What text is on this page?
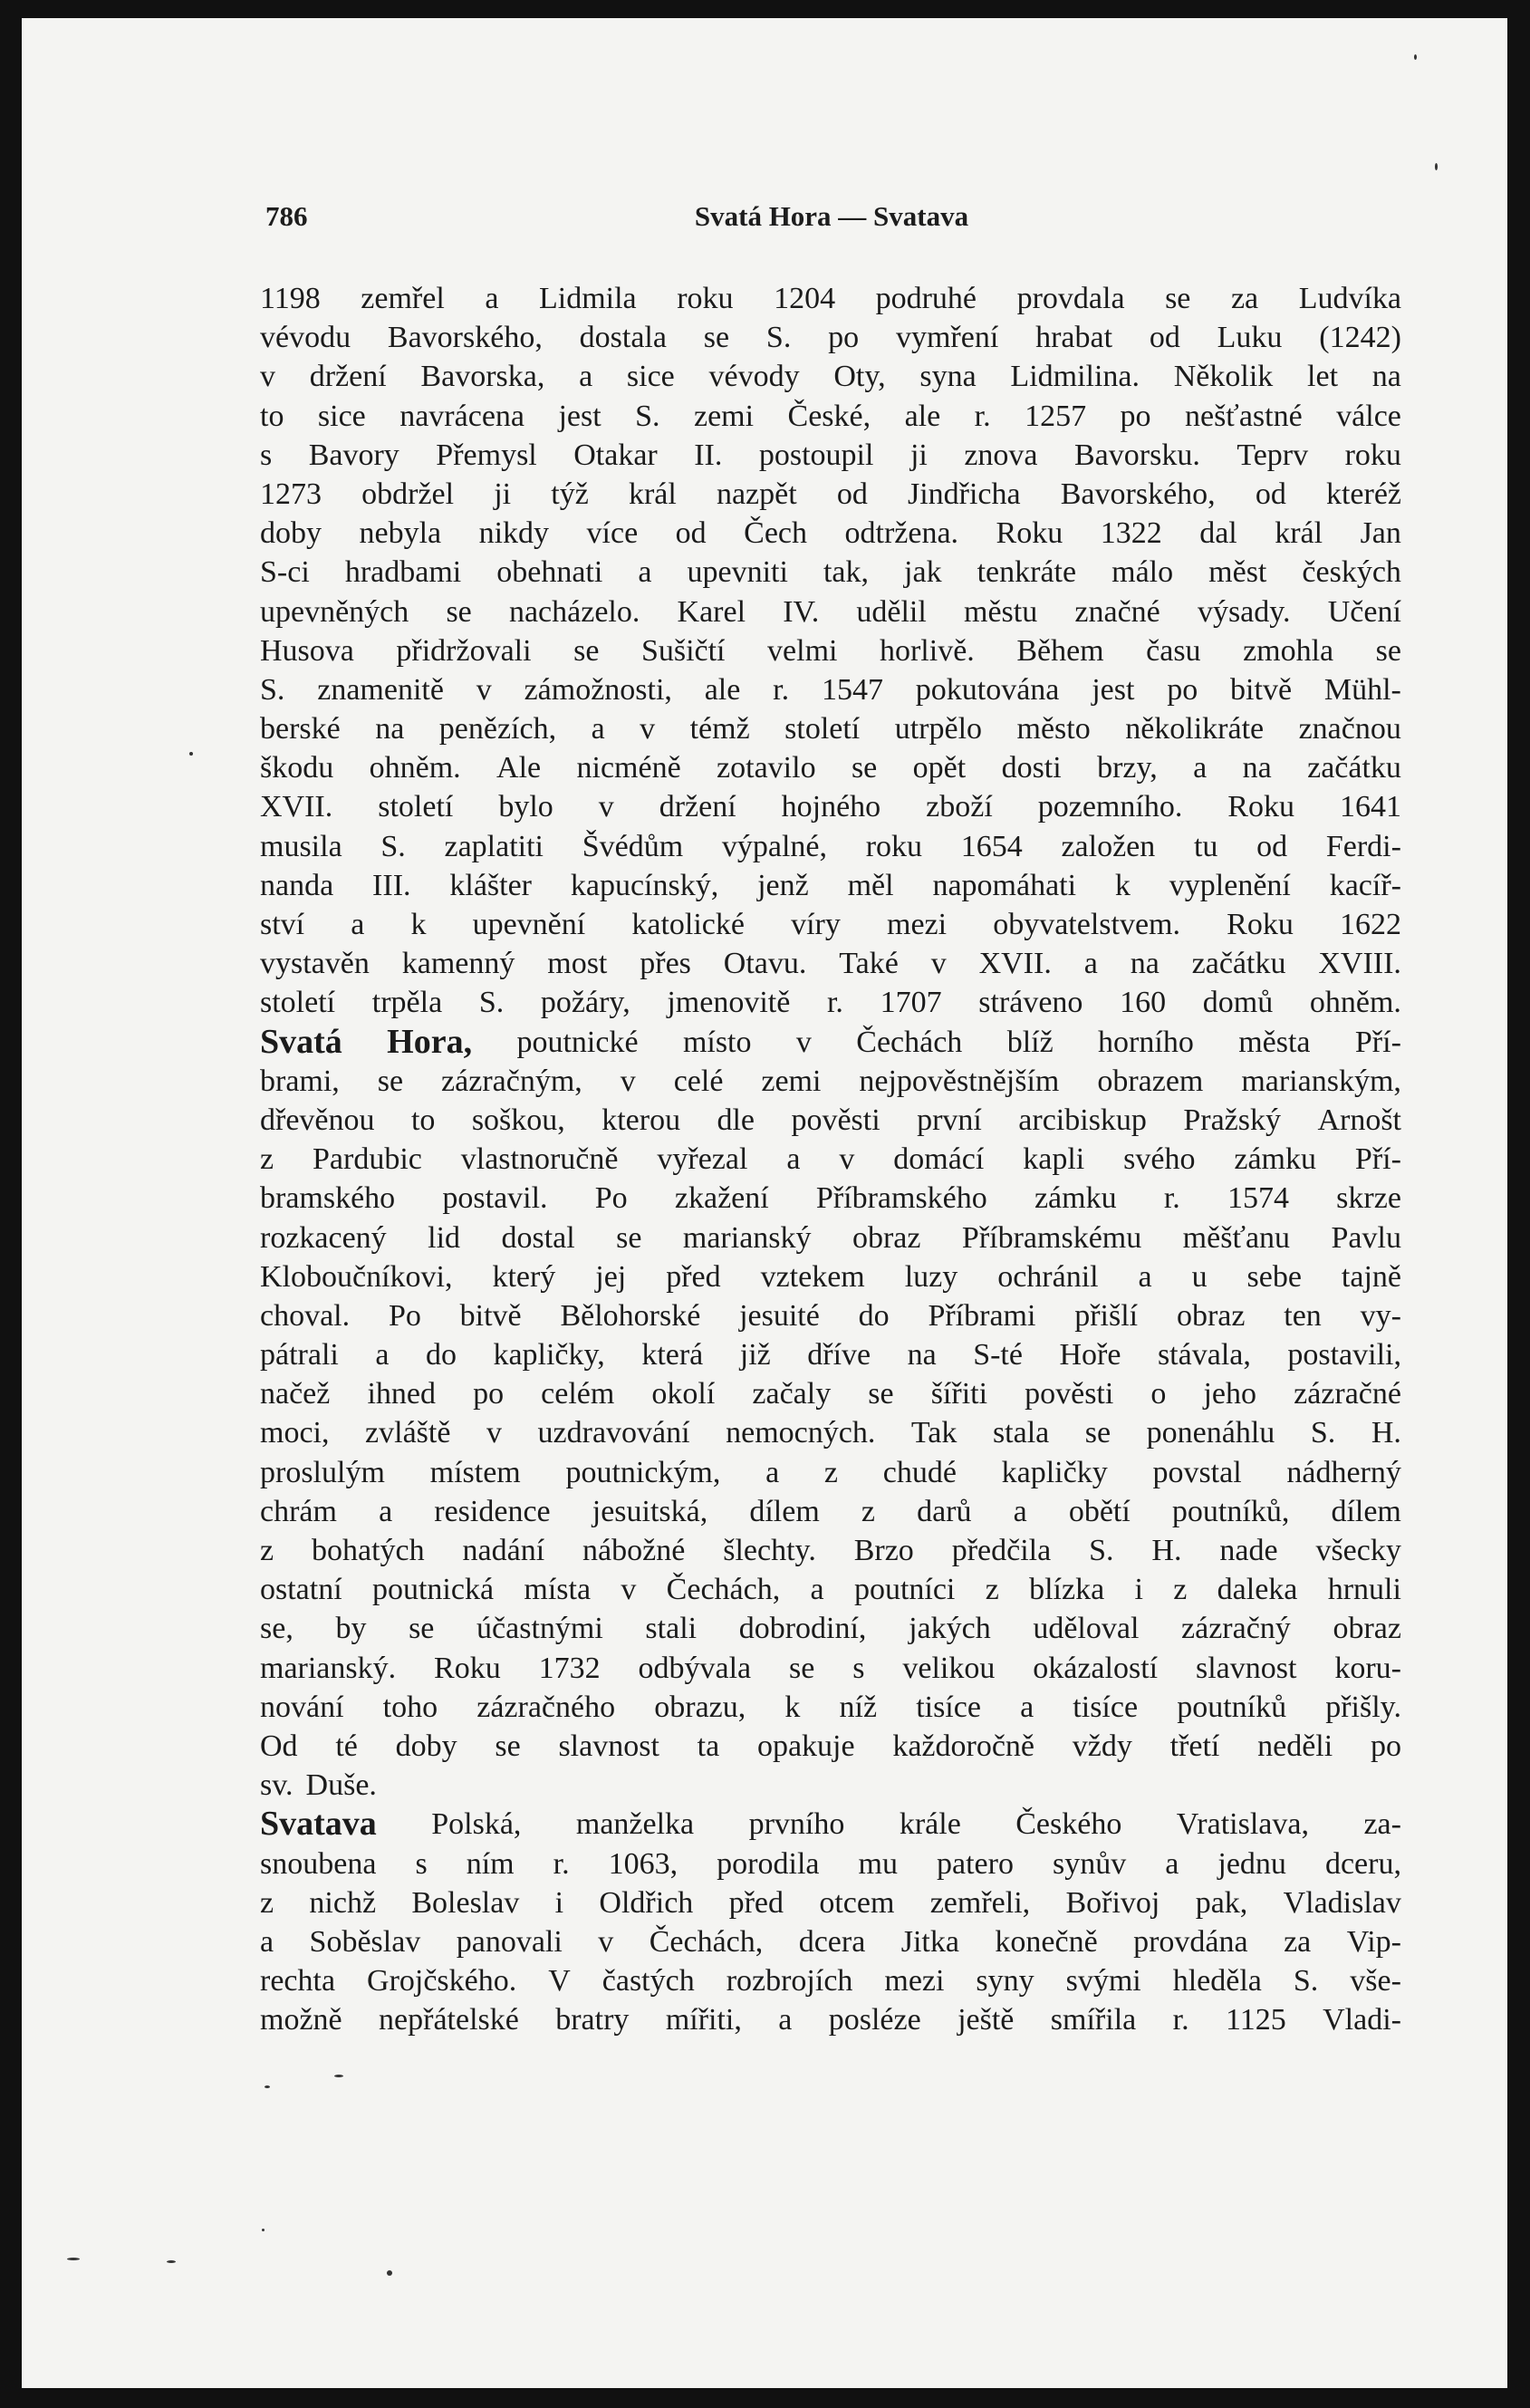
786	Svatá Hora — Svatava
1198 zemřel a Lidmila roku 1204 podruhé provdala se za Ludvíka
vévodu Bavorského, dostala se S. po vymření hrabat od Luku (1242)
v držení Bavorska, a sice vévody Oty, syna Lidmilina. Několik let na
to sice navrácena jest S. zemi České, ale r. 1257 po nešťastné válce
s Bavory Přemysl Otakar II. postoupil ji znova Bavorsku. Teprv roku
1273 obdržel ji týž král nazpět od Jindřicha Bavorského, od kteréž
doby nebyla nikdy více od Čech odtržena. Roku 1322 dal král Jan
S-ci hradbami obehnati a upevniti tak, jak tenkráte málo měst českých
upevněných se nacházelo. Karel IV. udělil městu značné výsady. Učení
Husova přidržovali se Sušičtí velmi horlivě. Během času zmohla se
S. znamenitě v zámožnosti, ale r. 1547 pokutována jest po bitvě Mühl-
berské na penězích, a v témž století utrpělo město několikráte značnou
škodu ohněm. Ale nicméně zotavilo se opět dosti brzy, a na začátku
XVII. století bylo v držení hojného zboží pozemního. Roku 1641
musila S. zaplatiti Švédům výpalné, roku 1654 založen tu od Ferdi-
nanda III. klášter kapucínský, jenž měl napomáhati k vyplenění kacíř-
ství a k upevnění katolické víry mezi obyvatelstvem. Roku 1622
vystavěn kamenný most přes Otavu. Také v XVII. a na začátku XVIII.
století trpěla S. požáry, jmenovitě r. 1707 stráveno 160 domů ohněm.
Svatá Hora, poutnické místo v Čechách blíž horního města Pří-
brami, se zázračným, v celé zemi nejpověstnějším obrazem marianským,
dřevěnou to soškou, kterou dle pověsti první arcibiskup Pražský Arnošt
z Pardubic vlastnoručně vyřezal a v domácí kapli svého zámku Pří-
bramského postavil. Po zkažení Příbramského zámku r. 1574 skrze
rozkacený lid dostal se marianský obraz Příbramskému měšťanu Pavlu
Kloboučníkovi, který jej před vztekem luzy ochránil a u sebe tajně
choval. Po bitvě Bělohorské jesuité do Příbrami přišlí obraz ten vy-
pátrali a do kapličky, která již dříve na S-té Hoře stávala, postavili,
načež ihned po celém okolí začaly se šířiti pověsti o jeho zázračné
moci, zvláště v uzdravování nemocných. Tak stala se ponenáhlu S. H.
proslulým místem poutnickým, a z chudé kapličky povstal nádherný
chrám a residence jesuitská, dílem z darů a obětí poutníků, dílem
z bohatých nadání nábožné šlechty. Brzo předčila S. H. nade všecky
ostatní poutnická místa v Čechách, a poutníci z blízka i z daleka hrnuli
se, by se účastnými stali dobrodiní, jakých uděloval zázračný obraz
marianský. Roku 1732 odbývala se s velikou okázalostí slavnost koru-
nování toho zázračného obrazu, k níž tisíce a tisíce poutníků přišly.
Od té doby se slavnost ta opakuje každoročně vždy třetí neděli po
sv. Duše.
Svatava Polská, manželka prvního krále Českého Vratislava, za-
snoubena s ním r. 1063, porodila mu patero synův a jednu dceru,
z nichž Boleslav i Oldřich před otcem zemřeli, Bořivoj pak, Vladislav
a Soběslav panovali v Čechách, dcera Jitka konečně provdána za Vip-
rechta Grojčského. V častých rozbrojích mezi syny svými hleděla S. vše-
možně nepřátelské bratry mířiti, a posléze ještě smířila r. 1125 Vladi-
